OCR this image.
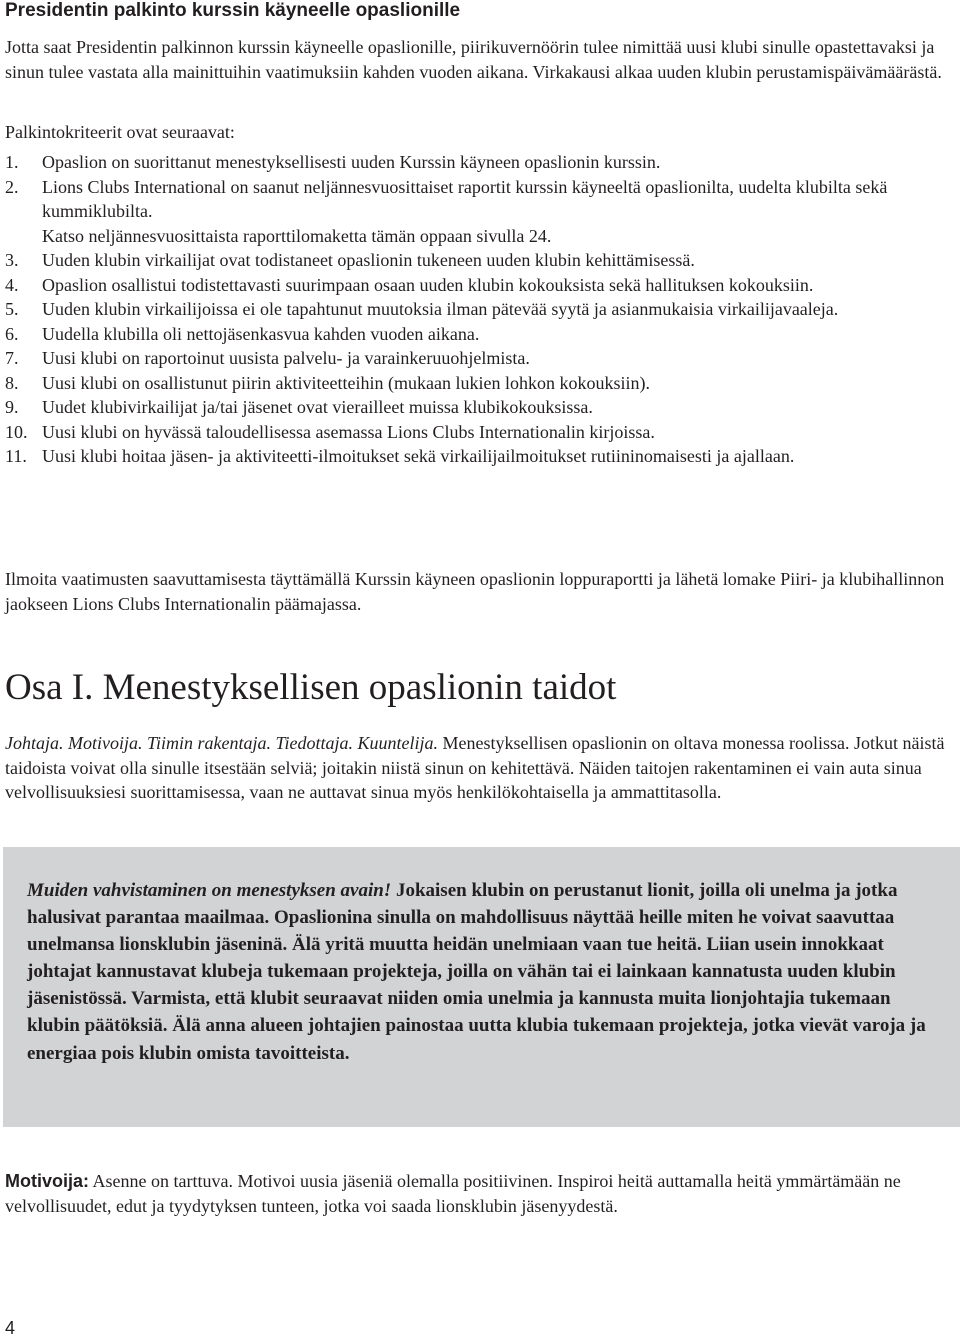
Presidentin palkinto kurssin käyneelle opaslionille

Jotta saat Presidentin palkinnon kurssin käyneelle opaslionille, piirikuvernöörin tulee nimittää uusi klubi sinulle opastettavaksi ja sinun tulee vastata alla mainittuihin vaatimuksiin kahden vuoden aikana. Virkakausi alkaa uuden klubin perustamispäivämäärästä.

Palkintokriteerit ovat seuraavat:

1.	Opaslion on suorittanut menestyksellisesti uuden Kurssin käyneen opaslionin kurssin.
2.	Lions Clubs International on saanut neljännesvuosittaiset raportit kurssin käyneeltä opaslionilta, uudelta klubilta sekä kummiklubilta.
Katso neljännesvuosittaista raporttilomaketta tämän oppaan sivulla 24.
3.	Uuden klubin virkailijat ovat todistaneet opaslionin tukeneen uuden klubin kehittämisessä.
4.	Opaslion osallistui todistettavasti suurimpaan osaan uuden klubin kokouksista sekä hallituksen kokouksiin.
5.	Uuden klubin virkailijoissa ei ole tapahtunut muutoksia ilman pätevää syytä ja asianmukaisia virkailijavaaleja.
6.	Uudella klubilla oli nettojäsenkasvua kahden vuoden aikana.
7.	Uusi klubi on raportoinut uusista palvelu- ja varainkeruuohjelmista.
8.	Uusi klubi on osallistunut piirin aktiviteetteihin (mukaan lukien lohkon kokouksiin).
9.	Uudet klubivirkailijat ja/tai jäsenet ovat vierailleet muissa klubikokouksissa.
10. Uusi klubi on hyvässä taloudellisessa asemassa Lions Clubs Internationalin kirjoissa.
11. Uusi klubi hoitaa jäsen- ja aktiviteetti-ilmoitukset sekä virkailijailmoitukset rutiininomaisesti ja ajallaan.

Ilmoita vaatimusten saavuttamisesta täyttämällä Kurssin käyneen opaslionin loppuraportti ja lähetä lomake Piiri- ja klubihallinnon jaokseen Lions Clubs Internationalin päämajassa.

Osa I. Menestyksellisen opaslionin taidot

Johtaja. Motivoija. Tiimin rakentaja. Tiedottaja. Kuuntelija. Menestyksellisen opaslionin on oltava monessa roolissa. Jotkut näistä taidoista voivat olla sinulle itsestään selviä; joitakin niistä sinun on kehitettävä. Näiden taitojen rakentaminen ei vain auta sinua velvollisuuksiesi suorittamisessa, vaan ne auttavat sinua myös henkilökohtaisella ja ammattitasolla.

Muiden vahvistaminen on menestyksen avain! Jokaisen klubin on perustanut lionit, joilla oli unelma ja jotka halusivat parantaa maailmaa. Opaslionina sinulla on mahdollisuus näyttää heille miten he voivat saavuttaa unelmansa lionsklubin jäseninä. Älä yritä muutta heidän unelmiaan vaan tue heitä. Liian usein innokkaat johtajat kannustavat klubeja tukemaan projekteja, joilla on vähän tai ei lainkaan kannatusta uuden klubin jäsenistössä. Varmista, että klubit seuraavat niiden omia unelmia ja kannusta muita lionjohtajia tukemaan klubin päätöksiä. Älä anna alueen johtajien painostaa uutta klubia tukemaan projekteja, jotka vievät varoja ja energiaa pois klubin omista tavoitteista.

Motivoija: Asenne on tarttuva. Motivoi uusia jäseniä olemalla positiivinen. Inspiroi heitä auttamalla heitä ymmärtämään ne velvollisuudet, edut ja tyydytyksen tunteen, jotka voi saada lionsklubin jäsenyydestä.

4
